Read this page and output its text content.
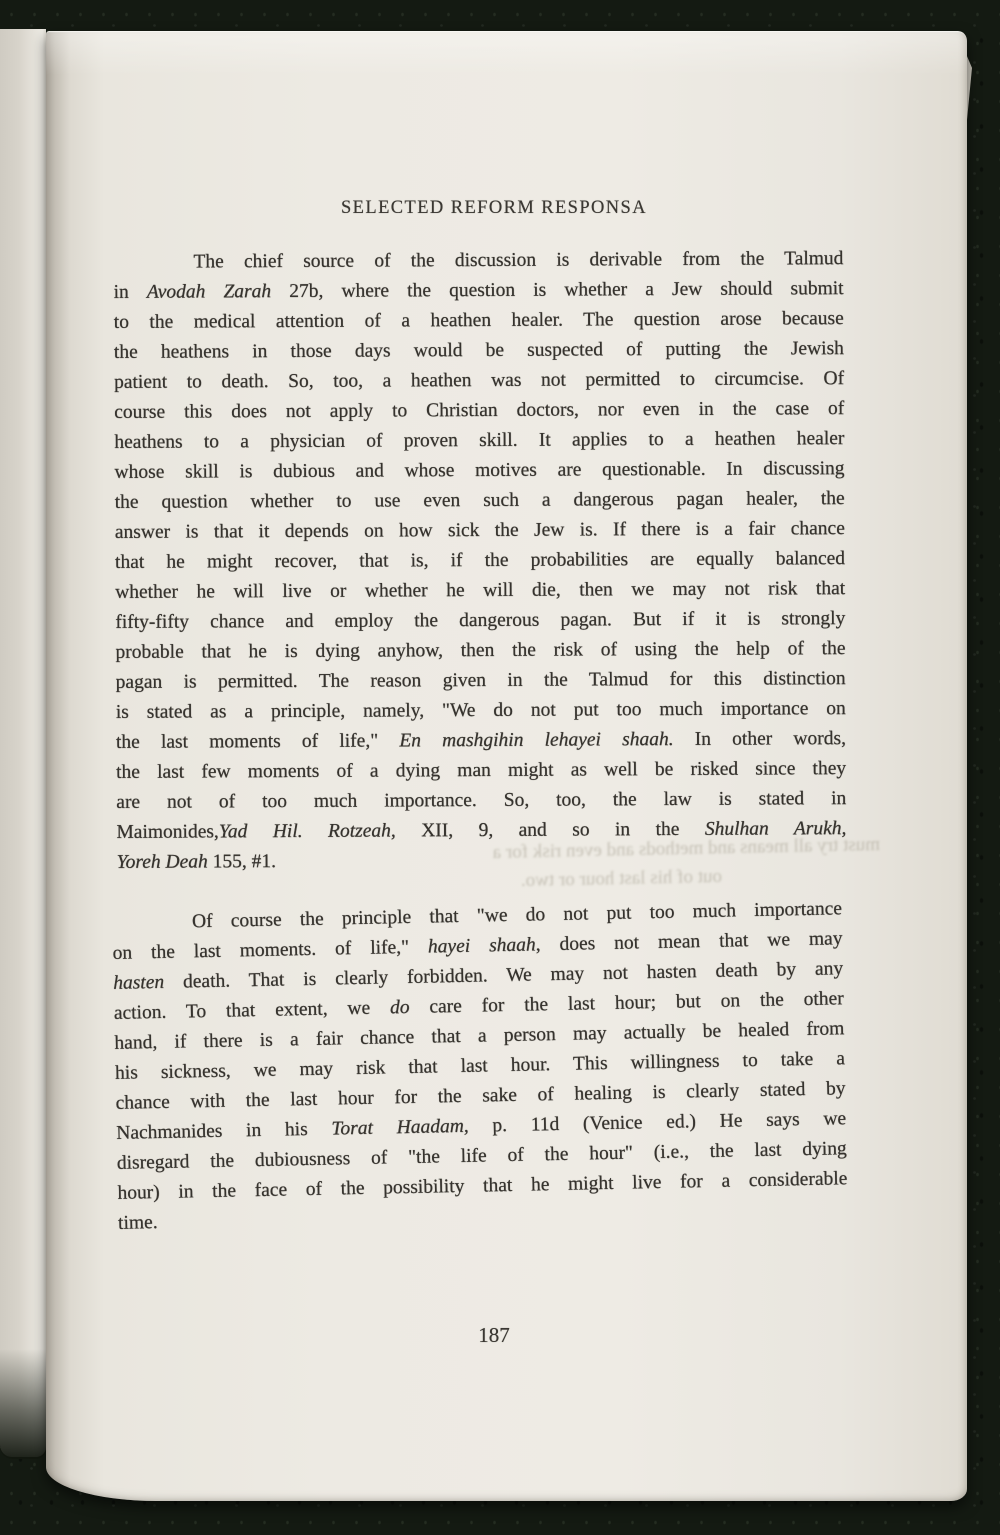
must try all means and methods and even risk for a
out of his last hour or two.
SELECTED REFORM RESPONSA
The chief source of the discussion is derivable from the Talmud
in Avodah Zarah 27b, where the question is whether a Jew should submit
to the medical attention of a heathen healer. The question arose because
the heathens in those days would be suspected of putting the Jewish
patient to death. So, too, a heathen was not permitted to circumcise. Of
course this does not apply to Christian doctors, nor even in the case of
heathens to a physician of proven skill. It applies to a heathen healer
whose skill is dubious and whose motives are questionable. In discussing
the question whether to use even such a dangerous pagan healer, the
answer is that it depends on how sick the Jew is. If there is a fair chance
that he might recover, that is, if the probabilities are equally balanced
whether he will live or whether he will die, then we may not risk that
fifty-fifty chance and employ the dangerous pagan. But if it is strongly
probable that he is dying anyhow, then the risk of using the help of the
pagan is permitted. The reason given in the Talmud for this distinction
is stated as a principle, namely, "We do not put too much importance on
the last moments of life," En mashgihin lehayei shaah. In other words,
the last few moments of a dying man might as well be risked since they
are not of too much importance. So, too, the law is stated in
Maimonides,Yad Hil. Rotzeah, XII, 9, and so in the Shulhan Arukh,
Yoreh Deah 155, #1.
Of course the principle that "we do not put too much importance
on the last moments. of life," hayei shaah, does not mean that we may
hasten death. That is clearly forbidden. We may not hasten death by any
action. To that extent, we do care for the last hour; but on the other
hand, if there is a fair chance that a person may actually be healed from
his sickness, we may risk that last hour. This willingness to take a
chance with the last hour for the sake of healing is clearly stated by
Nachmanides in his Torat Haadam, p. 11d (Venice ed.) He says we
disregard the dubiousness of "the life of the hour" (i.e., the last dying
hour) in the face of the possibility that he might live for a considerable
time.
187
